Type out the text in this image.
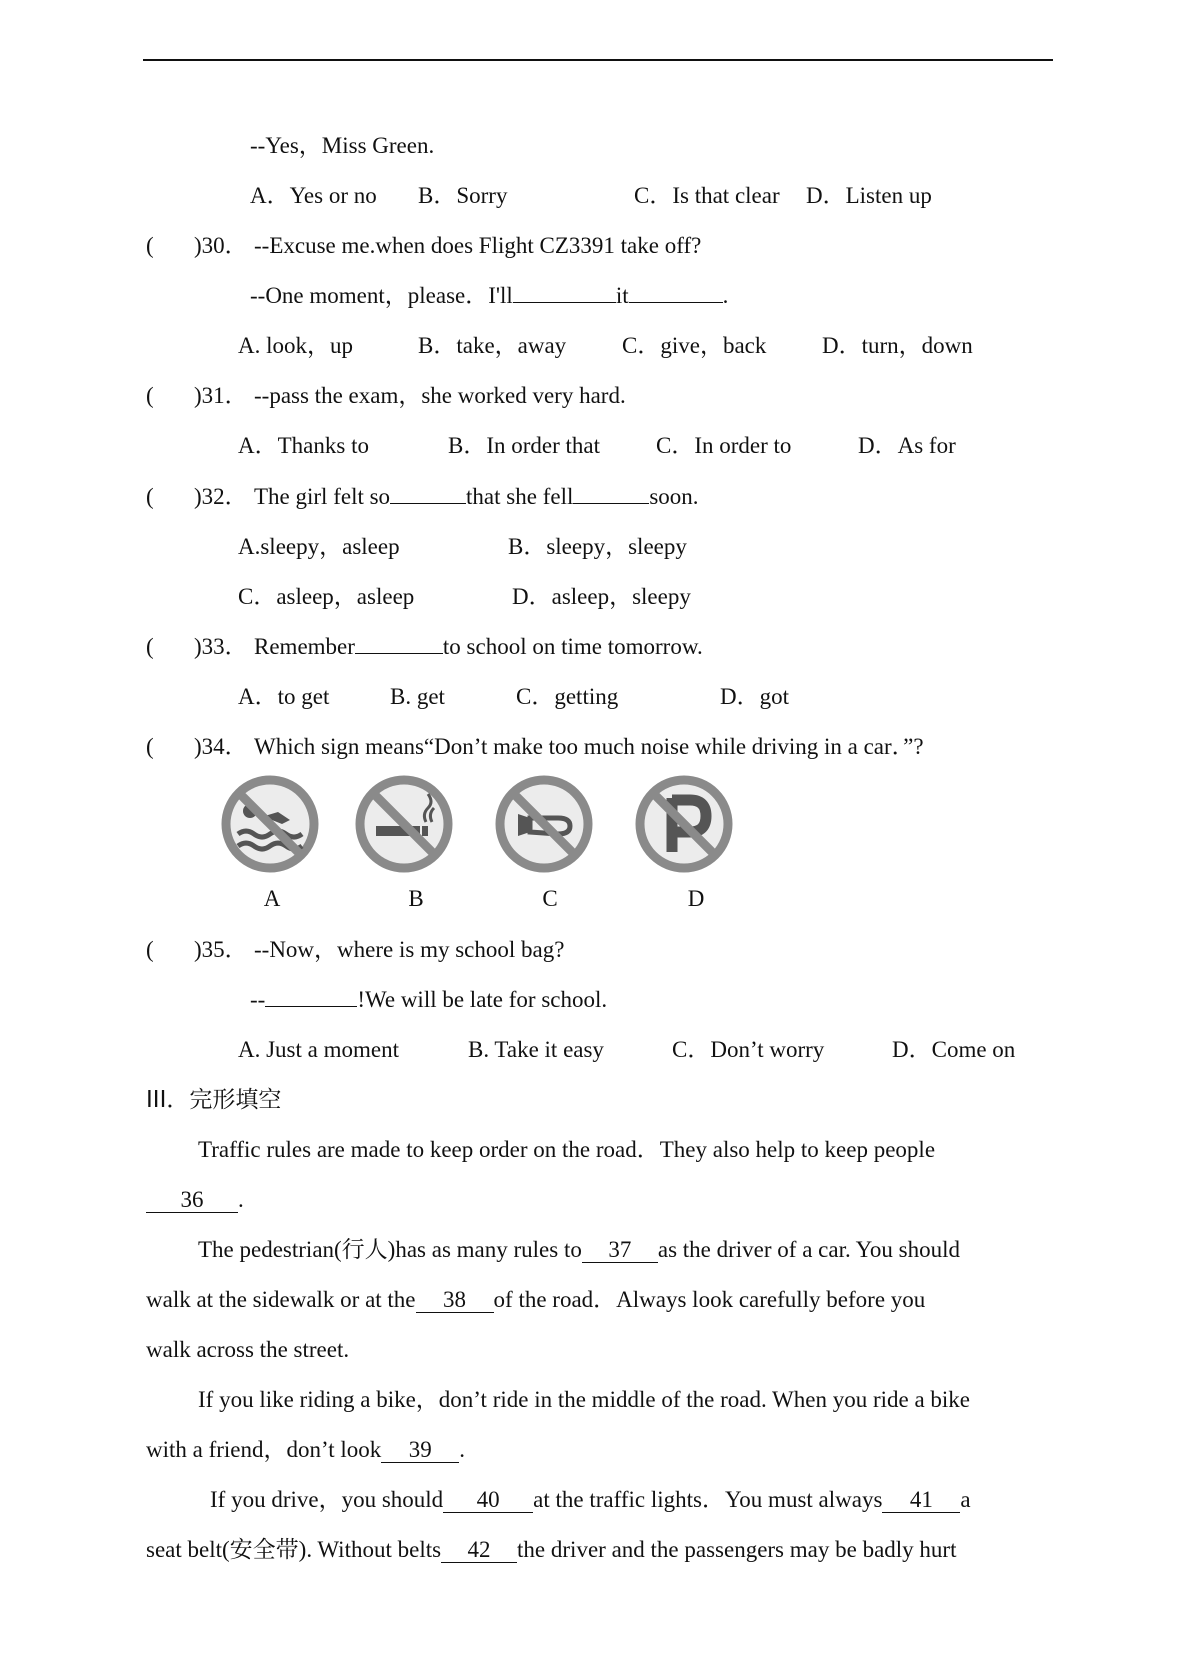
--Yes，Miss Green.
A．Yes or no B．Sorry	C．Is that clear D．Listen up
( )30． --Excuse me.when does Flight CZ3391 take off?
--One moment，please．I'll	it	.
A. look，up	B．take，away C．give，back D．turn，down
( )31． --pass the exam，she worked very hard.
A．Thanks to	B．In order that C．In order to	D．As for
( )32． The girl felt so	that she fell	soon.
A.sleepy，asleep	B．sleepy，sleepy
C．asleep，asleep	D．asleep，sleepy
( )33． Remember	to school on time tomorrow.
A．to get	B. get	C．getting	D．got
( )34． Which sign means“Don’t make too much noise while driving in a car．”?
A	B	C	D
( )35． --Now，where is my school bag?
--	!We will be late for school.
A. Just a moment	B. Take it easy	C．Don’t worry	D．Come on
III．完形填空
Traffic rules are made to keep order on the road．They also help to keep people
36 .
The pedestrian(行人)has as many rules to 37 as the driver of a car. You should
walk at the sidewalk or at the 38 of the road．Always look carefully before you
walk across the street.
If you like riding a bike，don’t ride in the middle of the road. When you ride a bike
with a friend，don’t look 39 .
If you drive，you should 40 at the traffic lights．You must always 41 a
seat belt(安全带). Without belts 42 the driver and the passengers may be badly hurt
